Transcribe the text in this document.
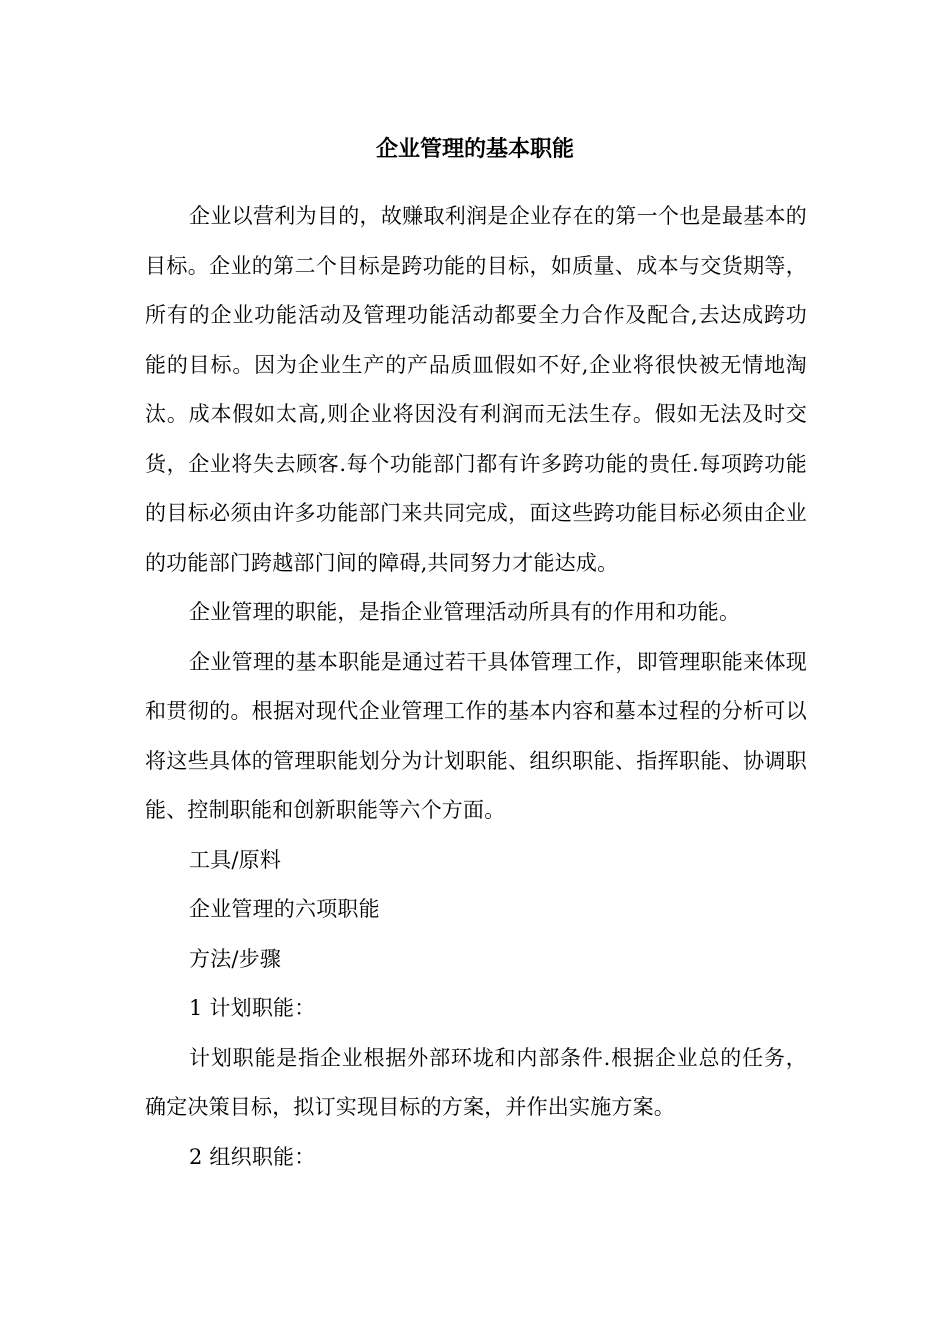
企业管理的基本职能

企业以营利为目的，故赚取利润是企业存在的第一个也是最基本的目标。企业的第二个目标是跨功能的目标，如质量、成本与交货期等，所有的企业功能活动及管理功能活动都要全力合作及配合,去达成跨功能的目标。因为企业生产的产品质皿假如不好,企业将很快被无情地淘汰。成本假如太高,则企业将因没有利润而无法生存。假如无法及时交货，企业将失去顾客.每个功能部门都有许多跨功能的贵任.每项跨功能的目标必须由许多功能部门来共同完成，面这些跨功能目标必须由企业的功能部门跨越部门间的障碍,共同努力才能达成。

企业管理的职能，是指企业管理活动所具有的作用和功能。

企业管理的基本职能是通过若干具体管理工作，即管理职能来体现和贯彻的。根据对现代企业管理工作的基本内容和墓本过程的分析可以将这些具体的管理职能划分为计划职能、组织职能、指挥职能、协调职能、控制职能和创新职能等六个方面。

工具/原料

企业管理的六项职能

方法/步骤

1 计划职能：

计划职能是指企业根据外部环垅和内部条件.根据企业总的任务，确定决策目标，拟订实现目标的方案，并作出实施方案。

2 组织职能：
